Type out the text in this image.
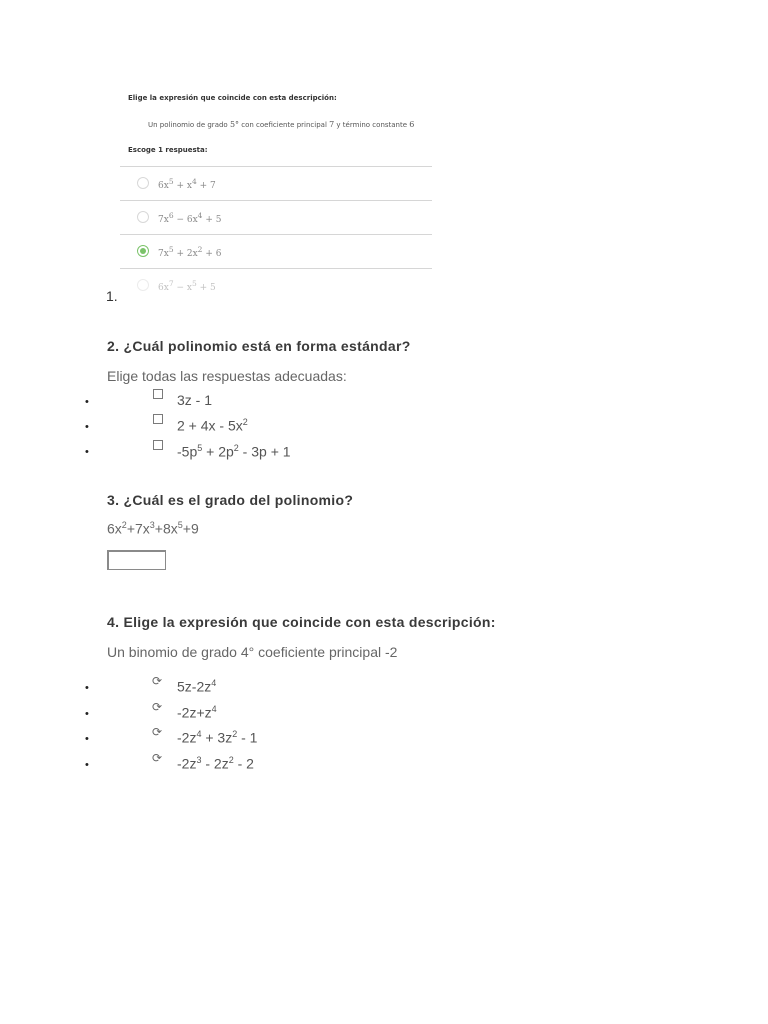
Elige la expresión que coincide con esta descripción:
Un polinomio de grado 5° con coeficiente principal 7 y término constante 6
Escoge 1 respuesta:
$6x^5 + x^4 + 7$
$7x^6 - 6x^4 + 5$
$7x^5 + 2x^2 + 6$
$6x^7 - x^5 + 5$
1.
2. ¿Cuál polinomio está en forma estándar?
Elige todas las respuestas adecuadas:
•	3z - 1
•	$2 + 4x - 5x^2$
•	$-5p^5 + 2p^2 - 3p + 1$
3. ¿Cuál es el grado del polinomio?
$6x^2+7x^3+8x^5+9$
4. Elige la expresión que coincide con esta descripción:
Un binomio de grado 4° coeficiente principal -2
•	⟳ $5z-2z^4$
•	⟳ $-2z+z^4$
•	⟳ $-2z^4 + 3z^2 - 1$
•	⟳ $-2z^3 - 2z^2 - 2$
